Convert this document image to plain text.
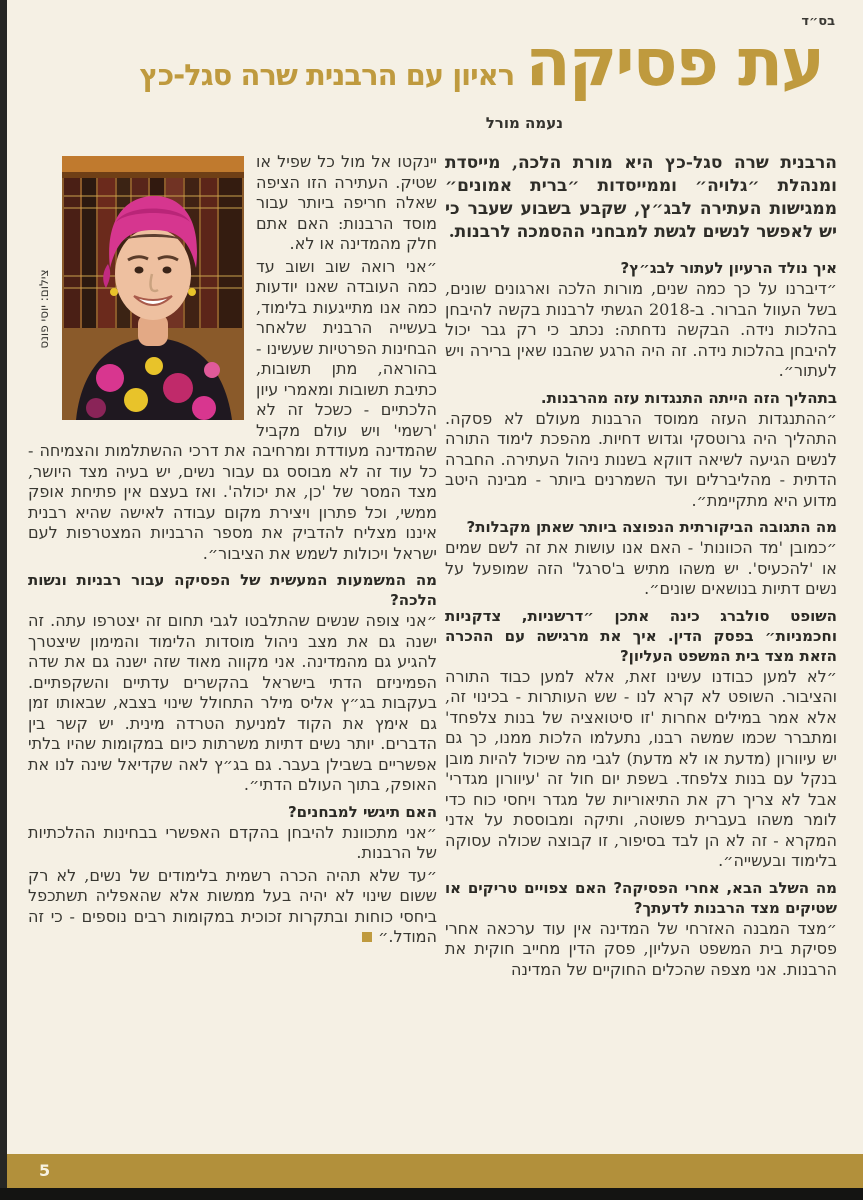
בס״ד
עת פסיקה ראיון עם הרבנית שרה סגל-כץ
נעמה מורל

הרבנית שרה סגל-כץ היא מורת הלכה, מייסדת ומנהלת ״גלויה״ וממייסדות ״ברית אמונים״ ממגישות העתירה לבג״ץ, שקבע בשבוע שעבר כי יש לאפשר לנשים לגשת למבחני ההסמכה לרבנות.

איך נולד הרעיון לעתור לבג״ץ?

״דיברנו על כך כמה שנים, מורות הלכה וארגונים שונים, בשל העוול הברור. ב-2018 הגשתי לרבנות בקשה להיבחן בהלכות נידה. הבקשה נדחתה: נכתב כי רק גבר יכול להיבחן בהלכות נידה. זה היה הרגע שהבנו שאין ברירה ויש לעתור״.

בתהליך הזה הייתה התנגדות עזה מהרבנות.

״ההתנגדות העזה ממוסד הרבנות מעולם לא פסקה. התהליך היה גרוטסקי וגדוש דחיות. מהפכת לימוד התורה לנשים הגיעה לשיאה דווקא בשנות ניהול העתירה. החברה הדתית - מהליברלים ועד השמרנים ביותר - מבינה היטב מדוע היא מתקיימת״.

מה התגובה הביקורתית הנפוצה ביותר שאתן מקבלות?

״כמובן 'מד הכוונות' - האם אנו עושות את זה לשם שמים או 'להכעיס'. יש משהו מתיש ב'סרגל' הזה שמופעל על נשים דתיות בנושאים שונים״.

השופט סולברג כינה אתכן ״דרשניות, צדקניות וחכמניות״ בפסק הדין. איך את מרגישה עם ההכרה הזאת מצד בית המשפט העליון?

״לא למען כבודנו עשינו זאת, אלא למען כבוד התורה והציבור. השופט לא קרא לנו - שש העותרות - בכינוי זה, אלא אמר במילים אחרות 'זו סיטואציה של בנות צלפחד' ומתברר שכמו שמשה רבנו, נתעלמו הלכות ממנו, כך גם יש עיוורון (מדעת או לא מדעת) לגבי מה שיכול להיות מובן בנקל עם בנות צלפחד. בשפת יום חול זה 'עיוורון מגדרי' אבל לא צריך רק את התיאוריות של מגדר ויחסי כוח כדי לומר משהו בעברית פשוטה, ותיקה ומבוססת על אדני המקרא - זה לא הן לבד בסיפור, זו קבוצה שכולה עסוקה בלימוד ובעשייה״.

מה השלב הבא, אחרי הפסיקה? האם צפויים טריקים או שטיקים מצד הרבנות לדעתך?

״מצד המבנה האזרחי של המדינה אין עוד ערכאה אחרי פסיקת בית המשפט העליון, פסק הדין מחייב חוקית את הרבנות. אני מצפה שהכלים החוקיים של המדינה

צילום: יוסי פונס

יינקטו אל מול כל שפיל או שטיק. העתירה הזו הציפה שאלה חריפה ביותר עבור מוסד הרבנות: האם אתם חלק מהמדינה או לא.

״אני רואה שוב ושוב עד כמה העובדה שאנו יודעות כמה אנו מתייגעות בלימוד, בעשייה הרבנית שלאחר הבחינות הפרטיות שעשינו - בהוראה, מתן תשובות, כתיבת תשובות ומאמרי עיון הלכתיים - כשכל זה לא 'רשמי' ויש עולם מקביל שהמדינה מעודדת ומרחיבה את דרכי ההשתלמות והצמיחה - כל עוד זה לא מבוסס גם עבור נשים, יש בעיה מצד היושר, מצד המסר של 'כן, את יכולה'. ואז בעצם אין פתיחת אופק ממשי, וכל פתרון ויצירת מקום עבודה לאישה שהיא רבנית איננו מצליח להדביק את מספר הרבניות המצטרפות לעם ישראל ויכולות לשמש את הציבור״.

מה המשמעות המעשית של הפסיקה עבור רבניות ונשות הלכה?

״אני צופה שנשים שהתלבטו לגבי תחום זה יצטרפו עתה. זה ישנה גם את מצב ניהול מוסדות הלימוד והמימון שיצטרך להגיע גם מהמדינה. אני מקווה מאוד שזה ישנה גם את שדה הפמיניזם הדתי בישראל בהקשרים עדתיים והשקפתיים. בעקבות בג״ץ אליס מילר התחולל שינוי בצבא, שבאותו זמן גם אימץ את הקוד למניעת הטרדה מינית. יש קשר בין הדברים. יותר נשים דתיות משרתות כיום במקומות שהיו בלתי אפשריים בשבילן בעבר. גם בג״ץ לאה שקדיאל שינה לנו את האופק, בתוך העולם הדתי״.

האם תיגשי למבחנים?

״אני מתכוונת להיבחן בהקדם האפשרי בבחינות ההלכתיות של הרבנות.

״עד שלא תהיה הכרה רשמית בלימודים של נשים, לא רק ששום שינוי לא יהיה בעל ממשות אלא שהאפליה תשתכפל ביחסי כוחות ובתקרות זכוכית במקומות רבים נוספים - כי זה המודל.״

5
